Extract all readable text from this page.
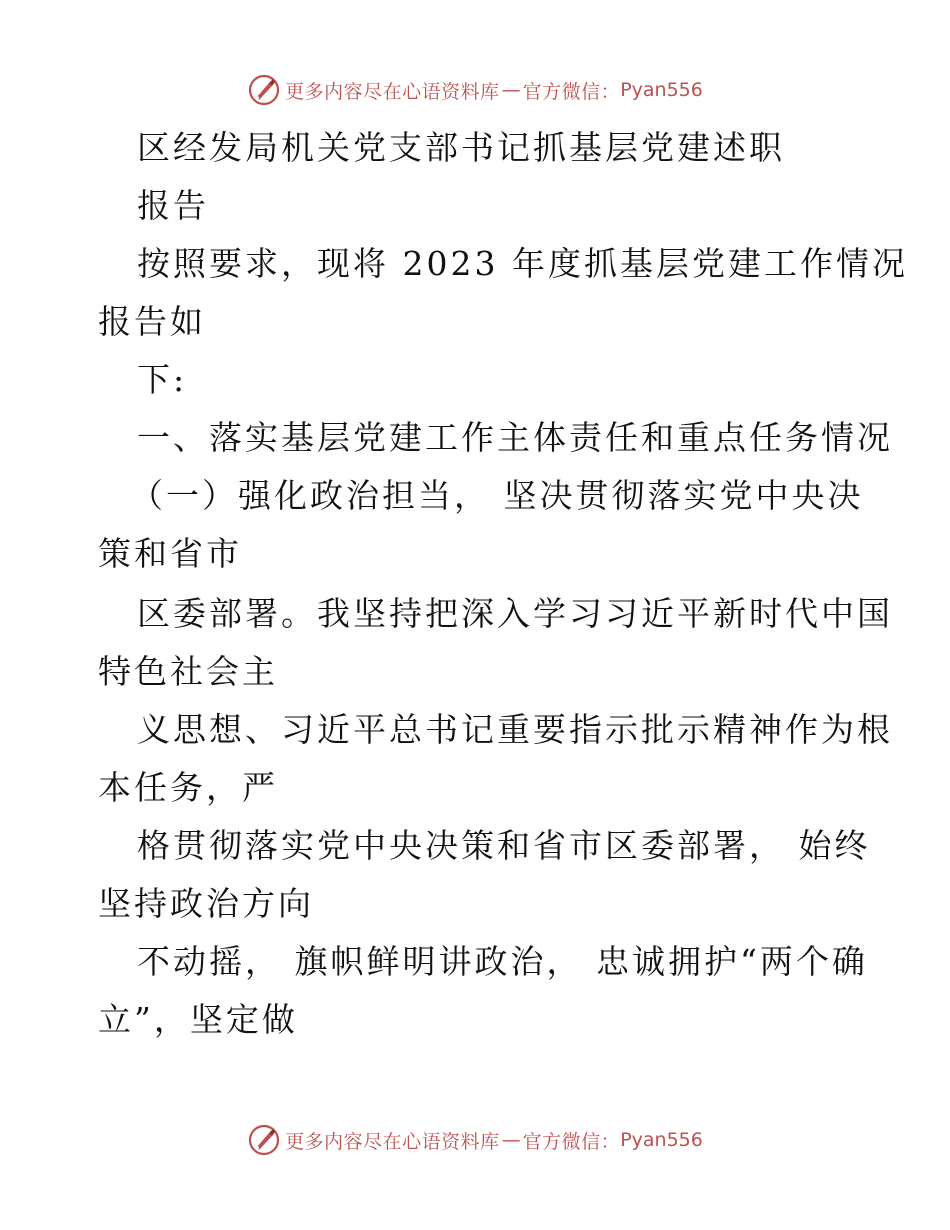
更多内容尽在心语资料库 — 官方微信： Pyan556
区经发局机关党支部书记抓基层党建述职
报告
按照要求，现将 2023 年度抓基层党建工作情况
报告如
下:
一、落实基层党建工作主体责任和重点任务情况
（一）强化政治担当， 坚决贯彻落实党中央决
策和省市
区委部署。我坚持把深入学习习近平新时代中国
特色社会主
义思想、习近平总书记重要指示批示精神作为根
本任务，严
格贯彻落实党中央决策和省市区委部署， 始终
坚持政治方向
不动摇， 旗帜鲜明讲政治， 忠诚拥护“两个确
立”，坚定做
更多内容尽在心语资料库 — 官方微信： Pyan556
